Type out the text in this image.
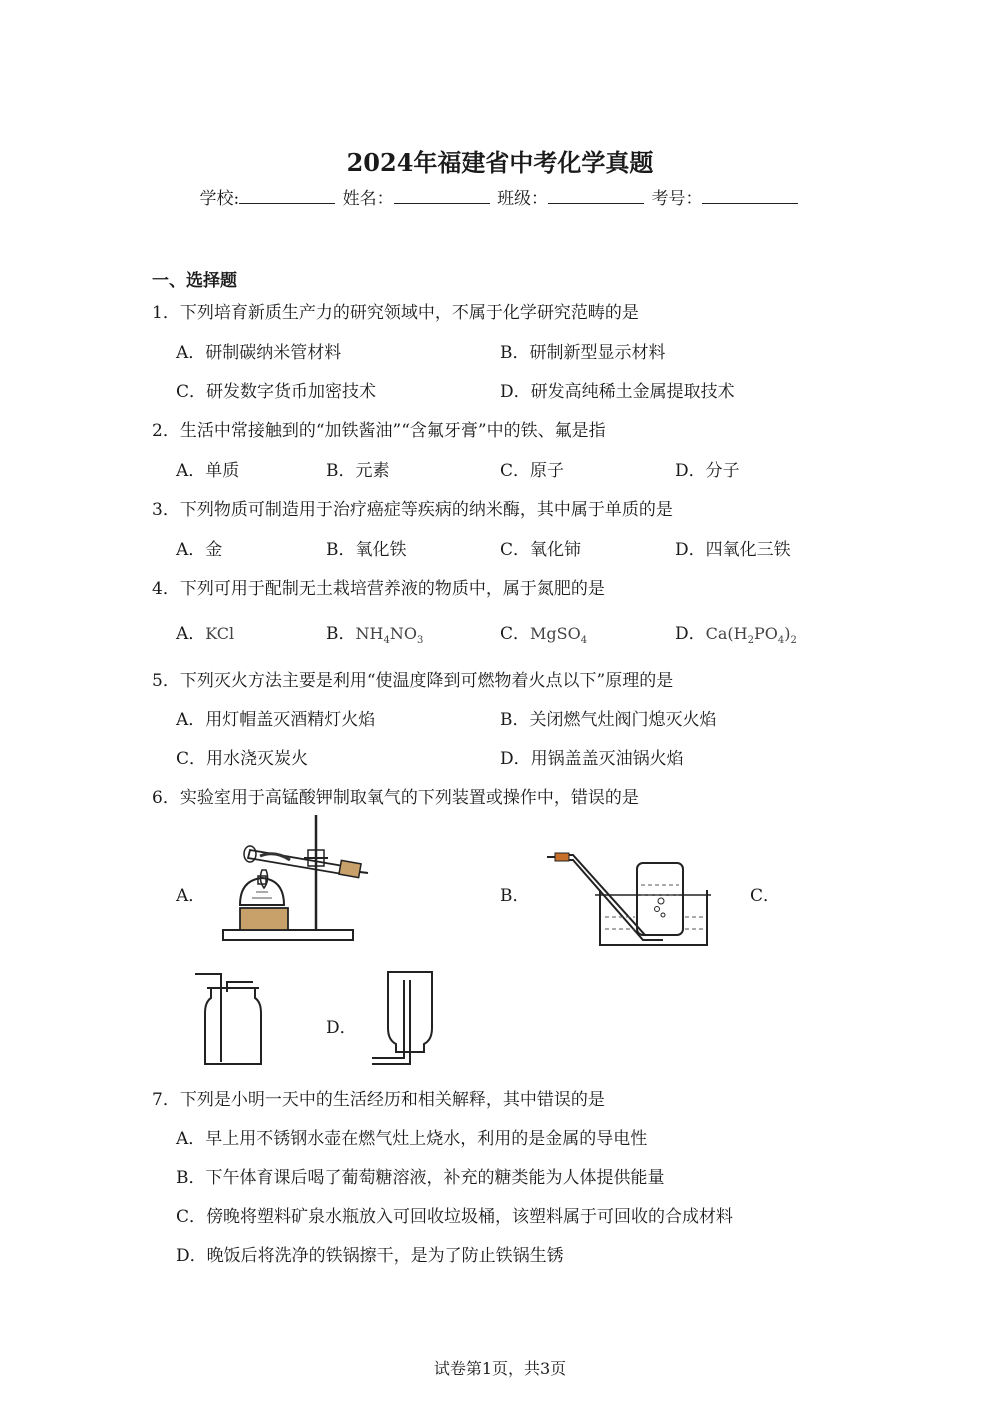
2024年福建省中考化学真题
学校:	姓名：	班级：	考号：
一、选择题
1．下列培育新质生产力的研究领域中，不属于化学研究范畴的是
A．研制碳纳米管材料	B．研制新型显示材料
C．研发数字货币加密技术	D．研发高纯稀土金属提取技术
2．生活中常接触到的“加铁酱油”“含氟牙膏”中的铁、氟是指
A．单质	B．元素	C．原子	D．分子
3．下列物质可制造用于治疗癌症等疾病的纳米酶，其中属于单质的是
A．金	B．氧化铁	C．氧化铈	D．四氧化三铁
4．下列可用于配制无土栽培营养液的物质中，属于氮肥的是
A．KCl	B．$NH_4NO_3$	C．MgSO$_4$	D．$Ca(H_2PO_4)_2$
5．下列灭火方法主要是利用“使温度降到可燃物着火点以下”原理的是
A．用灯帽盖灭酒精灯火焰	B．关闭燃气灶阀门熄灭火焰
C．用水浇灭炭火	D．用锅盖盖灭油锅火焰
6．实验室用于高锰酸钾制取氧气的下列装置或操作中，错误的是
A．	B．	C．
D．
7．下列是小明一天中的生活经历和相关解释，其中错误的是
A．早上用不锈钢水壶在燃气灶上烧水，利用的是金属的导电性
B．下午体育课后喝了葡萄糖溶液，补充的糖类能为人体提供能量
C．傍晚将塑料矿泉水瓶放入可回收垃圾桶，该塑料属于可回收的合成材料
D．晚饭后将洗净的铁锅擦干，是为了防止铁锅生锈
试卷第1页，共3页
